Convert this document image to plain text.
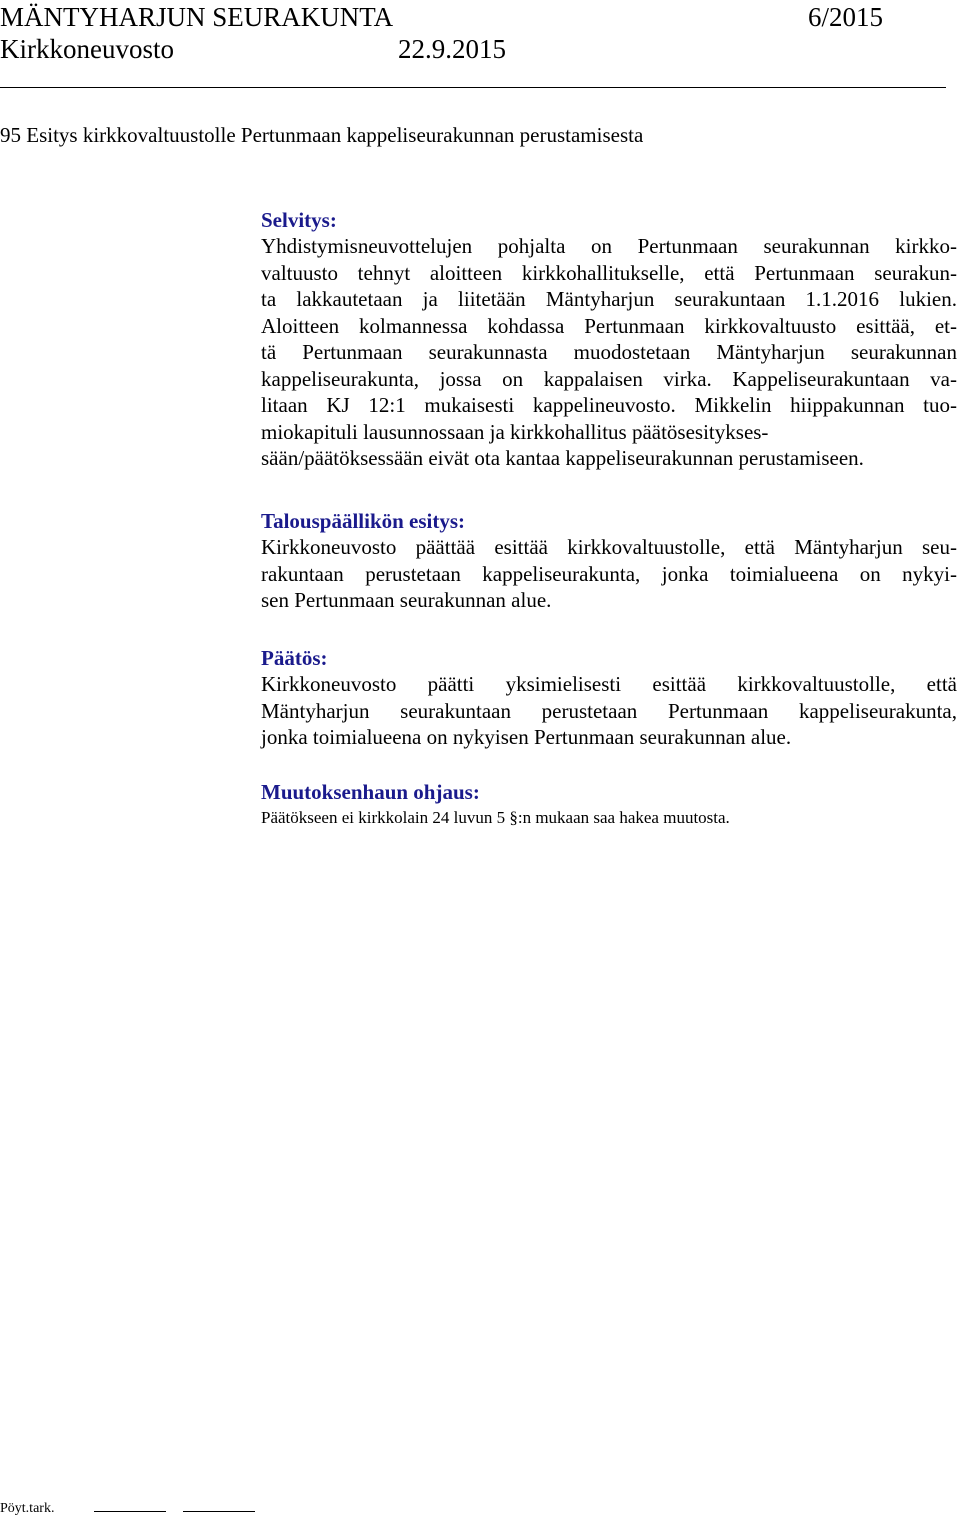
MÄNTYHARJUN SEURAKUNTA	6/2015
Kirkkoneuvosto	22.9.2015
95 Esitys kirkkovaltuustolle Pertunmaan kappeliseurakunnan perustamisesta
Selvitys:
Yhdistymisneuvottelujen pohjalta on Pertunmaan seurakunnan kirkko-
valtuusto tehnyt aloitteen kirkkohallitukselle, että Pertunmaan seurakun-
ta lakkautetaan ja liitetään Mäntyharjun seurakuntaan 1.1.2016 lukien.
Aloitteen kolmannessa kohdassa Pertunmaan kirkkovaltuusto esittää, et-
tä Pertunmaan seurakunnasta muodostetaan Mäntyharjun seurakunnan
kappeliseurakunta, jossa on kappalaisen virka. Kappeliseurakuntaan va-
litaan KJ 12:1 mukaisesti kappelineuvosto. Mikkelin hiippakunnan tuo-
miokapituli lausunnossaan ja kirkkohallitus päätösesitykses-
sään/päätöksessään eivät ota kantaa kappeliseurakunnan perustamiseen.
Talouspäällikön esitys:
Kirkkoneuvosto päättää esittää kirkkovaltuustolle, että Mäntyharjun seu-
rakuntaan perustetaan kappeliseurakunta, jonka toimialueena on nykyi-
sen Pertunmaan seurakunnan alue.
Päätös:
Kirkkoneuvosto päätti yksimielisesti esittää kirkkovaltuustolle, että
Mäntyharjun seurakuntaan perustetaan Pertunmaan kappeliseurakunta,
jonka toimialueena on nykyisen Pertunmaan seurakunnan alue.
Muutoksenhaun ohjaus:
Päätökseen ei kirkkolain 24 luvun 5 §:n mukaan saa hakea muutosta.
Pöyt.tark.
